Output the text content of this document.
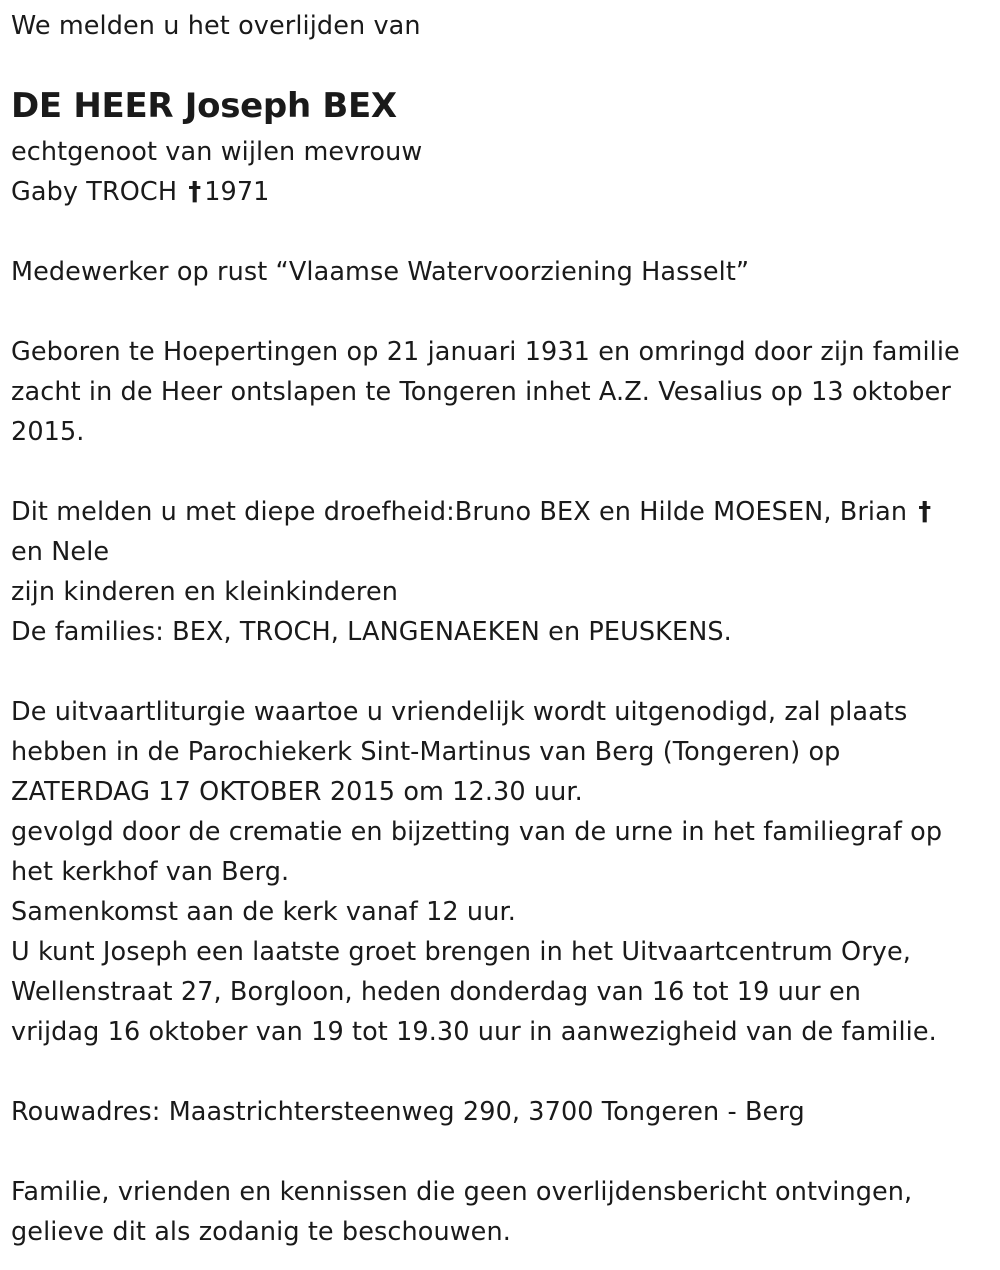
We melden u het overlijden van
DE HEER Joseph BEX
echtgenoot van wijlen mevrouw
Gaby TROCH † 1971
Medewerker op rust “Vlaamse Watervoorziening Hasselt”
Geboren te Hoepertingen op 21 januari 1931 en omringd door zijn familie
zacht in de Heer ontslapen te Tongeren inhet A.Z. Vesalius op 13 oktober
2015.
Dit melden u met diepe droefheid:Bruno BEX en Hilde MOESEN, Brian †
en Nele
zijn kinderen en kleinkinderen
De families: BEX, TROCH, LANGENAEKEN en PEUSKENS.
De uitvaartliturgie waartoe u vriendelijk wordt uitgenodigd, zal plaats
hebben in de Parochiekerk Sint-Martinus van Berg (Tongeren) op
ZATERDAG 17 OKTOBER 2015 om 12.30 uur.
gevolgd door de crematie en bijzetting van de urne in het familiegraf op
het kerkhof van Berg.
Samenkomst aan de kerk vanaf 12 uur.
U kunt Joseph een laatste groet brengen in het Uitvaartcentrum Orye,
Wellenstraat 27, Borgloon, heden donderdag van 16 tot 19 uur en
vrijdag 16 oktober van 19 tot 19.30 uur in aanwezigheid van de familie.
Rouwadres: Maastrichtersteenweg 290, 3700 Tongeren - Berg
Familie, vrienden en kennissen die geen overlijdensbericht ontvingen,
gelieve dit als zodanig te beschouwen.
